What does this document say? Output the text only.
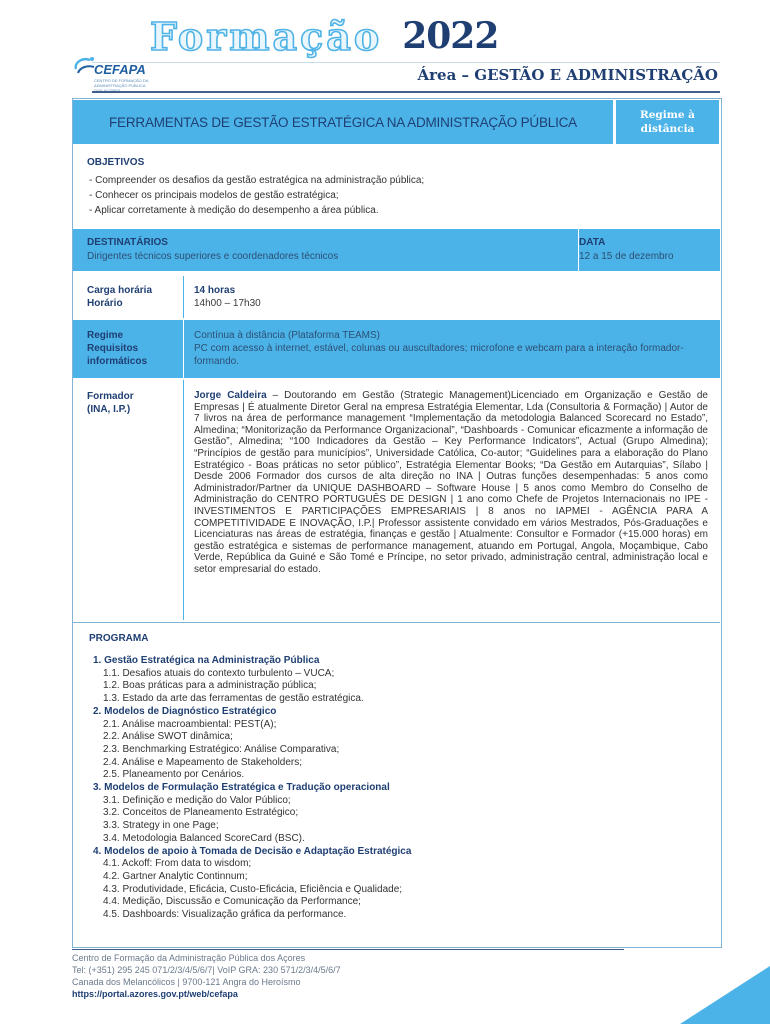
Formação 2022
CEFAPA
CENTRO DE FORMAÇÃO DA ADMINISTRAÇÃO PÚBLICA
Área – GESTÃO E ADMINISTRAÇÃO
FERRAMENTAS DE GESTÃO ESTRATÉGICA NA ADMINISTRAÇÃO PÚBLICA	Regime à
distância
OBJETIVOS
- Compreender os desafios da gestão estratégica na administração pública;
- Conhecer os principais modelos de gestão estratégica;
- Aplicar corretamente à medição do desempenho a área pública.
DESTINATÁRIOS
Dirigentes técnicos superiores e coordenadores técnicos
DATA
12 a 15 de dezembro
Carga horária
Horário
14 horas
14h00 – 17h30
Regime
Requisitos
informáticos
Contínua à distância (Plataforma TEAMS)
PC com acesso à internet, estável, colunas ou auscultadores; microfone e webcam para a interação formador-formando.
Formador
(INA, I.P.)
Jorge Caldeira – Doutorando em Gestão (Strategic Management)Licenciado em Organização e Gestão de Empresas | É atualmente Diretor Geral na empresa Estratégia Elementar, Lda (Consultoria & Formação) | Autor de 7 livros na área de performance management “Implementação da metodologia Balanced Scorecard no Estado”, Almedina; “Monitorização da Performance Organizacional”, “Dashboards - Comunicar eficazmente a informação de Gestão”, Almedina; “100 Indicadores da Gestão – Key Performance Indicators”, Actual (Grupo Almedina); “Princípios de gestão para municípios”, Universidade Católica, Co-autor; “Guidelines para a elaboração do Plano Estratégico - Boas práticas no setor público”, Estratégia Elementar Books; “Da Gestão em Autarquias”, Sílabo | Desde 2006 Formador dos cursos de alta direção no INA | Outras funções desempenhadas: 5 anos como Administrador/Partner da UNIQUE DASHBOARD – Software House | 5 anos como Membro do Conselho de Administração do CENTRO PORTUGUÊS DE DESIGN | 1 ano como Chefe de Projetos Internacionais no IPE - INVESTIMENTOS E PARTICIPAÇÕES EMPRESARIAIS | 8 anos no IAPMEI - AGÊNCIA PARA A COMPETITIVIDADE E INOVAÇÃO, I.P.| Professor assistente convidado em vários Mestrados, Pós-Graduações e Licenciaturas nas áreas de estratégia, finanças e gestão | Atualmente: Consultor e Formador (+15.000 horas) em gestão estratégica e sistemas de performance management, atuando em Portugal, Angola, Moçambique, Cabo Verde, República da Guiné e São Tomé e Príncipe, no setor privado, administração central, administração local e setor empresarial do estado.
PROGRAMA
1. Gestão Estratégica na Administração Pública
1.1. Desafios atuais do contexto turbulento – VUCA;
1.2. Boas práticas para a administração pública;
1.3. Estado da arte das ferramentas de gestão estratégica.
2. Modelos de Diagnóstico Estratégico
2.1. Análise macroambiental: PEST(A);
2.2. Análise SWOT dinâmica;
2.3. Benchmarking Estratégico: Análise Comparativa;
2.4. Análise e Mapeamento de Stakeholders;
2.5. Planeamento por Cenários.
3. Modelos de Formulação Estratégica e Tradução operacional
3.1. Definição e medição do Valor Público;
3.2. Conceitos de Planeamento Estratégico;
3.3. Strategy in one Page;
3.4. Metodologia Balanced ScoreCard (BSC).
4. Modelos de apoio à Tomada de Decisão e Adaptação Estratégica
4.1. Ackoff: From data to wisdom;
4.2. Gartner Analytic Continnum;
4.3. Produtividade, Eficácia, Custo-Eficácia, Eficiência e Qualidade;
4.4. Medição, Discussão e Comunicação da Performance;
4.5. Dashboards: Visualização gráfica da performance.
Centro de Formação da Administração Pública dos Açores
Tel: (+351) 295 245 071/2/3/4/5/6/7| VoIP GRA: 230 571/2/3/4/5/6/7
Canada dos Melancólicos | 9700-121 Angra do Heroísmo
https://portal.azores.gov.pt/web/cefapa
